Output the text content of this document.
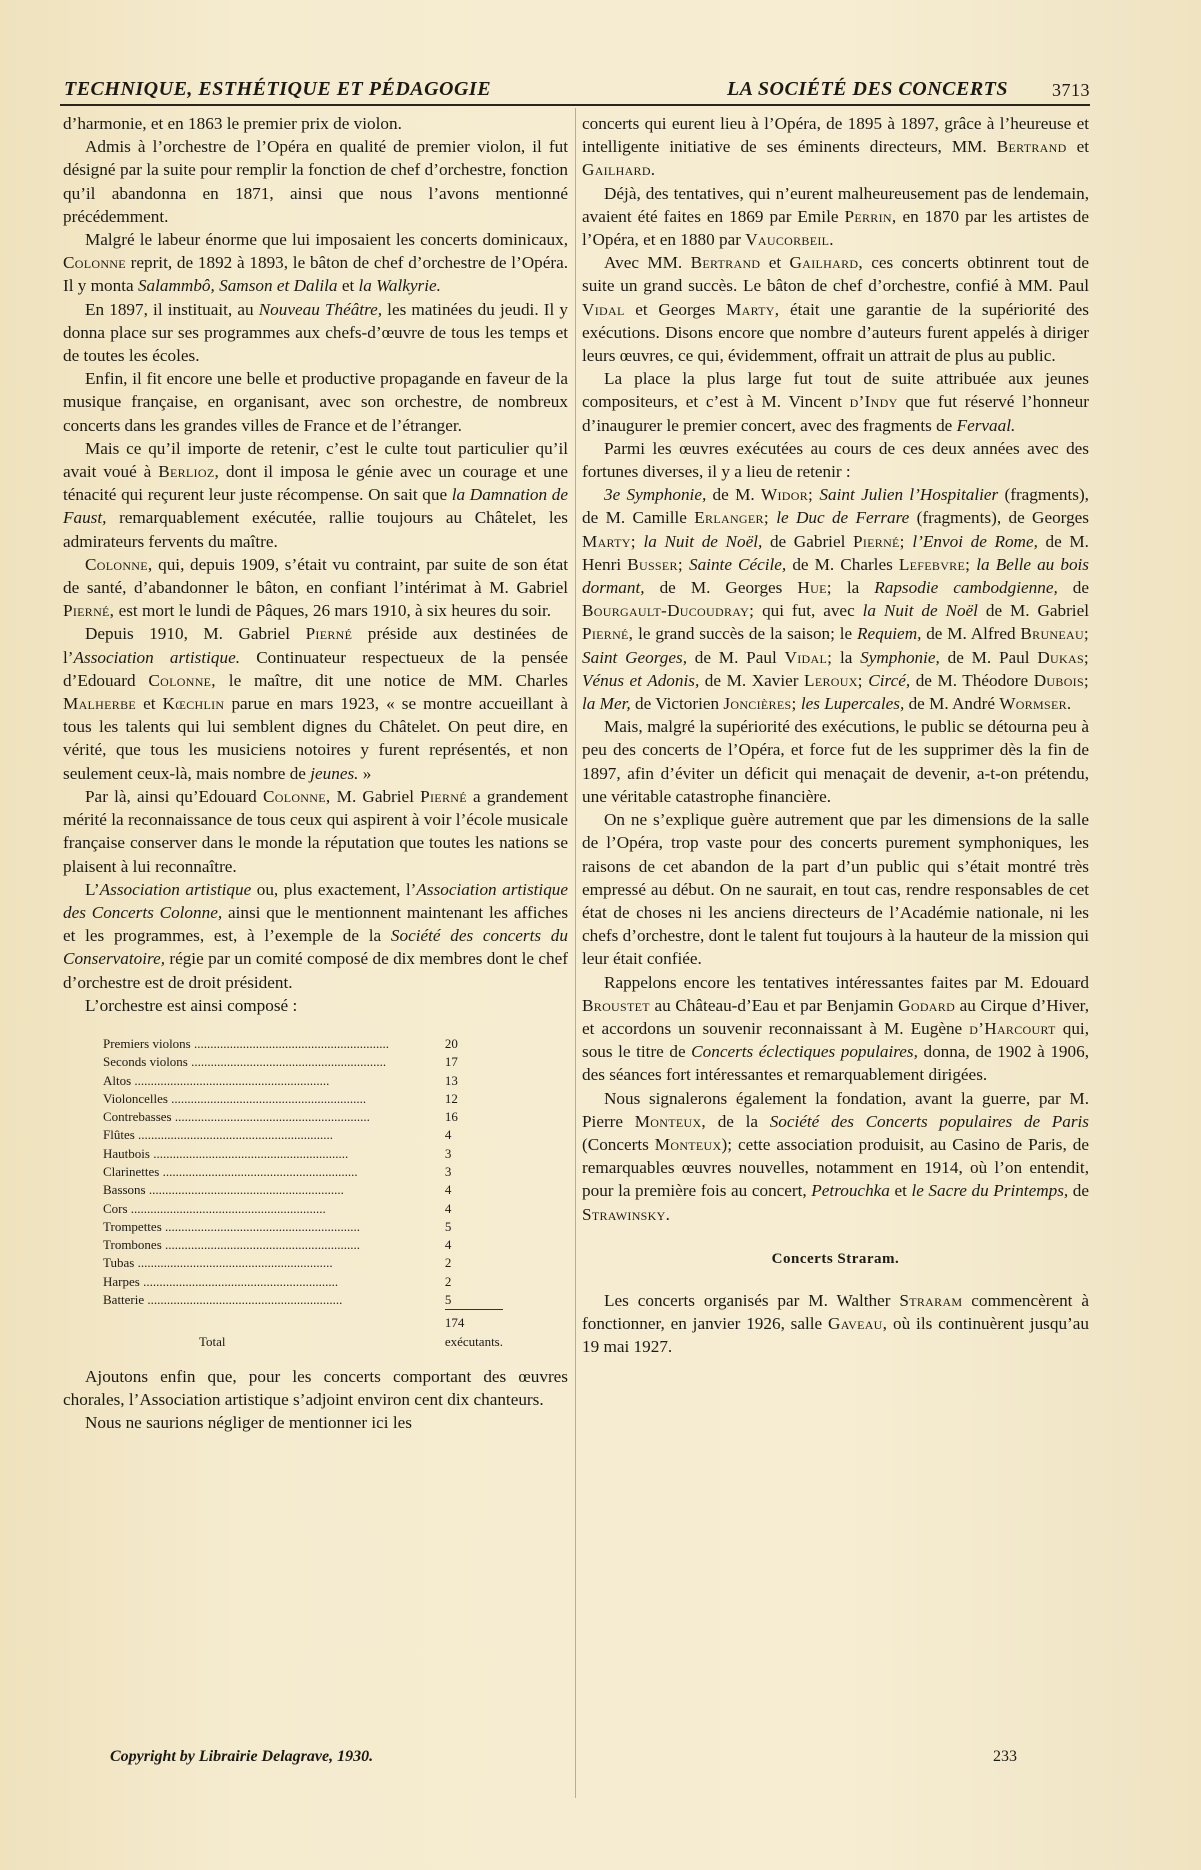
TECHNIQUE, ESTHÉTIQUE ET PÉDAGOGIE	LA SOCIÉTÉ DES CONCERTS 3713

d’harmonie, et en 1863 le premier prix de violon.

Admis à l’orchestre de l’Opéra en qualité de premier violon, il fut désigné par la suite pour remplir la fonction de chef d’orchestre, fonction qu’il abandonna en 1871, ainsi que nous l’avons mentionné précédemment.

Malgré le labeur énorme que lui imposaient les concerts dominicaux, Colonne reprit, de 1892 à 1893, le bâton de chef d’orchestre de l’Opéra. Il y monta Salammbô, Samson et Dalila et la Walkyrie.

En 1897, il instituait, au Nouveau Théâtre, les matinées du jeudi. Il y donna place sur ses programmes aux chefs-d’œuvre de tous les temps et de toutes les écoles.

Enfin, il fit encore une belle et productive propagande en faveur de la musique française, en organisant, avec son orchestre, de nombreux concerts dans les grandes villes de France et de l’étranger.

Mais ce qu’il importe de retenir, c’est le culte tout particulier qu’il avait voué à Berlioz, dont il imposa le génie avec un courage et une ténacité qui reçurent leur juste récompense. On sait que la Damnation de Faust, remarquablement exécutée, rallie toujours au Châtelet, les admirateurs fervents du maître.

Colonne, qui, depuis 1909, s’était vu contraint, par suite de son état de santé, d’abandonner le bâton, en confiant l’intérimat à M. Gabriel Pierné, est mort le lundi de Pâques, 26 mars 1910, à six heures du soir.

Depuis 1910, M. Gabriel Pierné préside aux destinées de l’Association artistique. Continuateur respectueux de la pensée d’Edouard Colonne, le maître, dit une notice de MM. Charles Malherbe et Kœchlin parue en mars 1923, « se montre accueillant à tous les talents qui lui semblent dignes du Châtelet. On peut dire, en vérité, que tous les musiciens notoires y furent représentés, et non seulement ceux-là, mais nombre de jeunes. »

Par là, ainsi qu’Edouard Colonne, M. Gabriel Pierné a grandement mérité la reconnaissance de tous ceux qui aspirent à voir l’école musicale française conserver dans le monde la réputation que toutes les nations se plaisent à lui reconnaître.

L’Association artistique ou, plus exactement, l’Association artistique des Concerts Colonne, ainsi que le mentionnent maintenant les affiches et les programmes, est, à l’exemple de la Société des concerts du Conservatoire, régie par un comité composé de dix membres dont le chef d’orchestre est de droit président.

L’orchestre est ainsi composé :

Premiers violons ............................................................	20
Seconds violons ............................................................	17
Altos ............................................................	13
Violoncelles ............................................................	12
Contrebasses ............................................................	16
Flûtes ............................................................	4
Hautbois ............................................................	3
Clarinettes ............................................................	3
Bassons ............................................................	4
Cors ............................................................	4
Trompettes ............................................................	5
Trombones ............................................................	4
Tubas ............................................................	2
Harpes ............................................................	2
Batterie ............................................................	5
Total	174 exécutants.

Ajoutons enfin que, pour les concerts comportant des œuvres chorales, l’Association artistique s’adjoint environ cent dix chanteurs.

Nous ne saurions négliger de mentionner ici les

concerts qui eurent lieu à l’Opéra, de 1895 à 1897, grâce à l’heureuse et intelligente initiative de ses éminents directeurs, MM. Bertrand et Gailhard.

Déjà, des tentatives, qui n’eurent malheureusement pas de lendemain, avaient été faites en 1869 par Emile Perrin, en 1870 par les artistes de l’Opéra, et en 1880 par Vaucorbeil.

Avec MM. Bertrand et Gailhard, ces concerts obtinrent tout de suite un grand succès. Le bâton de chef d’orchestre, confié à MM. Paul Vidal et Georges Marty, était une garantie de la supériorité des exécutions. Disons encore que nombre d’auteurs furent appelés à diriger leurs œuvres, ce qui, évidemment, offrait un attrait de plus au public.

La place la plus large fut tout de suite attribuée aux jeunes compositeurs, et c’est à M. Vincent d’Indy que fut réservé l’honneur d’inaugurer le premier concert, avec des fragments de Fervaal.

Parmi les œuvres exécutées au cours de ces deux années avec des fortunes diverses, il y a lieu de retenir :

3e Symphonie, de M. Widor; Saint Julien l’Hospitalier (fragments), de M. Camille Erlanger; le Duc de Ferrare (fragments), de Georges Marty; la Nuit de Noël, de Gabriel Pierné; l’Envoi de Rome, de M. Henri Busser; Sainte Cécile, de M. Charles Lefebvre; la Belle au bois dormant, de M. Georges Hue; la Rapsodie cambodgienne, de Bourgault-Ducoudray; qui fut, avec la Nuit de Noël de M. Gabriel Pierné, le grand succès de la saison; le Requiem, de M. Alfred Bruneau; Saint Georges, de M. Paul Vidal; la Symphonie, de M. Paul Dukas; Vénus et Adonis, de M. Xavier Leroux; Circé, de M. Théodore Dubois; la Mer, de Victorien Joncières; les Lupercales, de M. André Wormser.

Mais, malgré la supériorité des exécutions, le public se détourna peu à peu des concerts de l’Opéra, et force fut de les supprimer dès la fin de 1897, afin d’éviter un déficit qui menaçait de devenir, a-t-on prétendu, une véritable catastrophe financière.

On ne s’explique guère autrement que par les dimensions de la salle de l’Opéra, trop vaste pour des concerts purement symphoniques, les raisons de cet abandon de la part d’un public qui s’était montré très empressé au début. On ne saurait, en tout cas, rendre responsables de cet état de choses ni les anciens directeurs de l’Académie nationale, ni les chefs d’orchestre, dont le talent fut toujours à la hauteur de la mission qui leur était confiée.

Rappelons encore les tentatives intéressantes faites par M. Edouard Broustet au Château-d’Eau et par Benjamin Godard au Cirque d’Hiver, et accordons un souvenir reconnaissant à M. Eugène d’Harcourt qui, sous le titre de Concerts éclectiques populaires, donna, de 1902 à 1906, des séances fort intéressantes et remarquablement dirigées.

Nous signalerons également la fondation, avant la guerre, par M. Pierre Monteux, de la Société des Concerts populaires de Paris (Concerts Monteux); cette association produisit, au Casino de Paris, de remarquables œuvres nouvelles, notamment en 1914, où l’on entendit, pour la première fois au concert, Petrouchka et le Sacre du Printemps, de Strawinsky.

Concerts Straram.

Les concerts organisés par M. Walther Straram commencèrent à fonctionner, en janvier 1926, salle Gaveau, où ils continuèrent jusqu’au 19 mai 1927.

Copyright by Librairie Delagrave, 1930.	233
